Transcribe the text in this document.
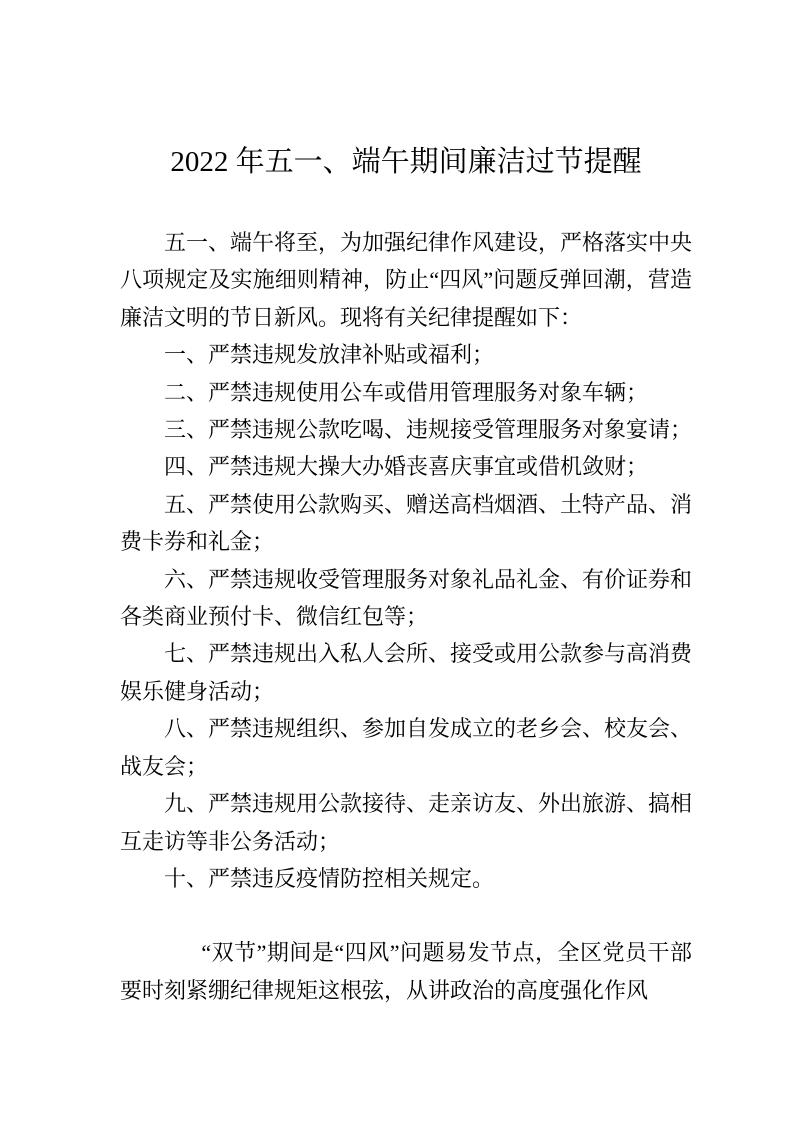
2022 年五一、端午期间廉洁过节提醒

五一、端午将至，为加强纪律作风建设，严格落实中央八项规定及实施细则精神，防止“四风”问题反弹回潮，营造廉洁文明的节日新风。现将有关纪律提醒如下：

一、严禁违规发放津补贴或福利；

二、严禁违规使用公车或借用管理服务对象车辆；

三、严禁违规公款吃喝、违规接受管理服务对象宴请；

四、严禁违规大操大办婚丧喜庆事宜或借机敛财；

五、严禁使用公款购买、赠送高档烟酒、土特产品、消费卡券和礼金；

六、严禁违规收受管理服务对象礼品礼金、有价证券和各类商业预付卡、微信红包等；

七、严禁违规出入私人会所、接受或用公款参与高消费娱乐健身活动；

八、严禁违规组织、参加自发成立的老乡会、校友会、战友会；

九、严禁违规用公款接待、走亲访友、外出旅游、搞相互走访等非公务活动；

十、严禁违反疫情防控相关规定。

“双节”期间是“四风”问题易发节点，全区党员干部要时刻紧绷纪律规矩这根弦，从讲政治的高度强化作风
